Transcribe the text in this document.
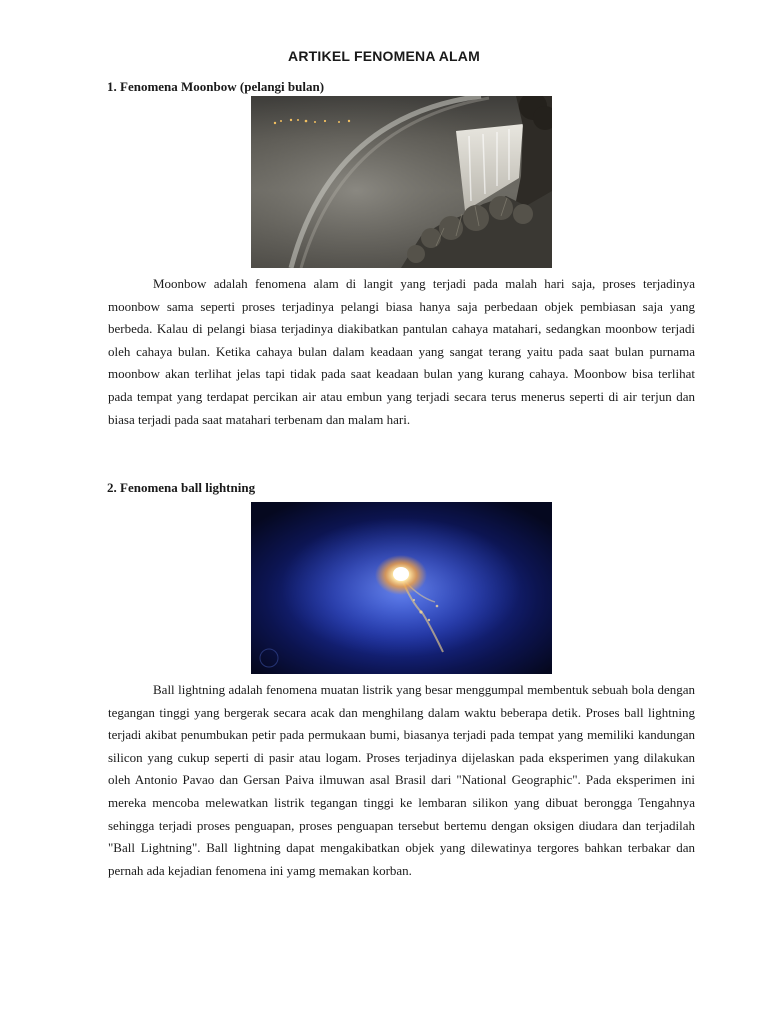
ARTIKEL FENOMENA ALAM
1. Fenomena Moonbow (pelangi bulan)

Moonbow adalah fenomena alam di langit yang terjadi pada malah hari saja, proses terjadinya moonbow sama seperti proses terjadinya pelangi biasa hanya saja perbedaan objek pembiasan saja yang berbeda. Kalau di pelangi biasa terjadinya diakibatkan pantulan cahaya matahari, sedangkan moonbow terjadi oleh cahaya bulan. Ketika cahaya bulan dalam keadaan yang sangat terang yaitu pada saat bulan purnama moonbow akan terlihat jelas tapi tidak pada saat keadaan bulan yang kurang cahaya. Moonbow bisa terlihat pada tempat yang terdapat percikan air atau embun yang terjadi secara terus menerus seperti di air terjun dan biasa terjadi pada saat matahari terbenam dan malam hari.

2. Fenomena ball lightning

Ball lightning adalah fenomena muatan listrik yang besar menggumpal membentuk sebuah bola dengan tegangan tinggi yang bergerak secara acak dan menghilang dalam waktu beberapa detik. Proses ball lightning terjadi akibat penumbukan petir pada permukaan bumi, biasanya terjadi pada tempat yang memiliki kandungan silicon yang cukup seperti di pasir atau logam. Proses terjadinya dijelaskan pada eksperimen yang dilakukan oleh Antonio Pavao dan Gersan Paiva ilmuwan asal Brasil dari "National Geographic". Pada eksperimen ini mereka mencoba melewatkan listrik tegangan tinggi ke lembaran silikon yang dibuat berongga Tengahnya sehingga terjadi proses penguapan, proses penguapan tersebut bertemu dengan oksigen diudara dan terjadilah "Ball Lightning". Ball lightning dapat mengakibatkan objek yang dilewatinya tergores bahkan terbakar dan pernah ada kejadian fenomena ini yamg memakan korban.
